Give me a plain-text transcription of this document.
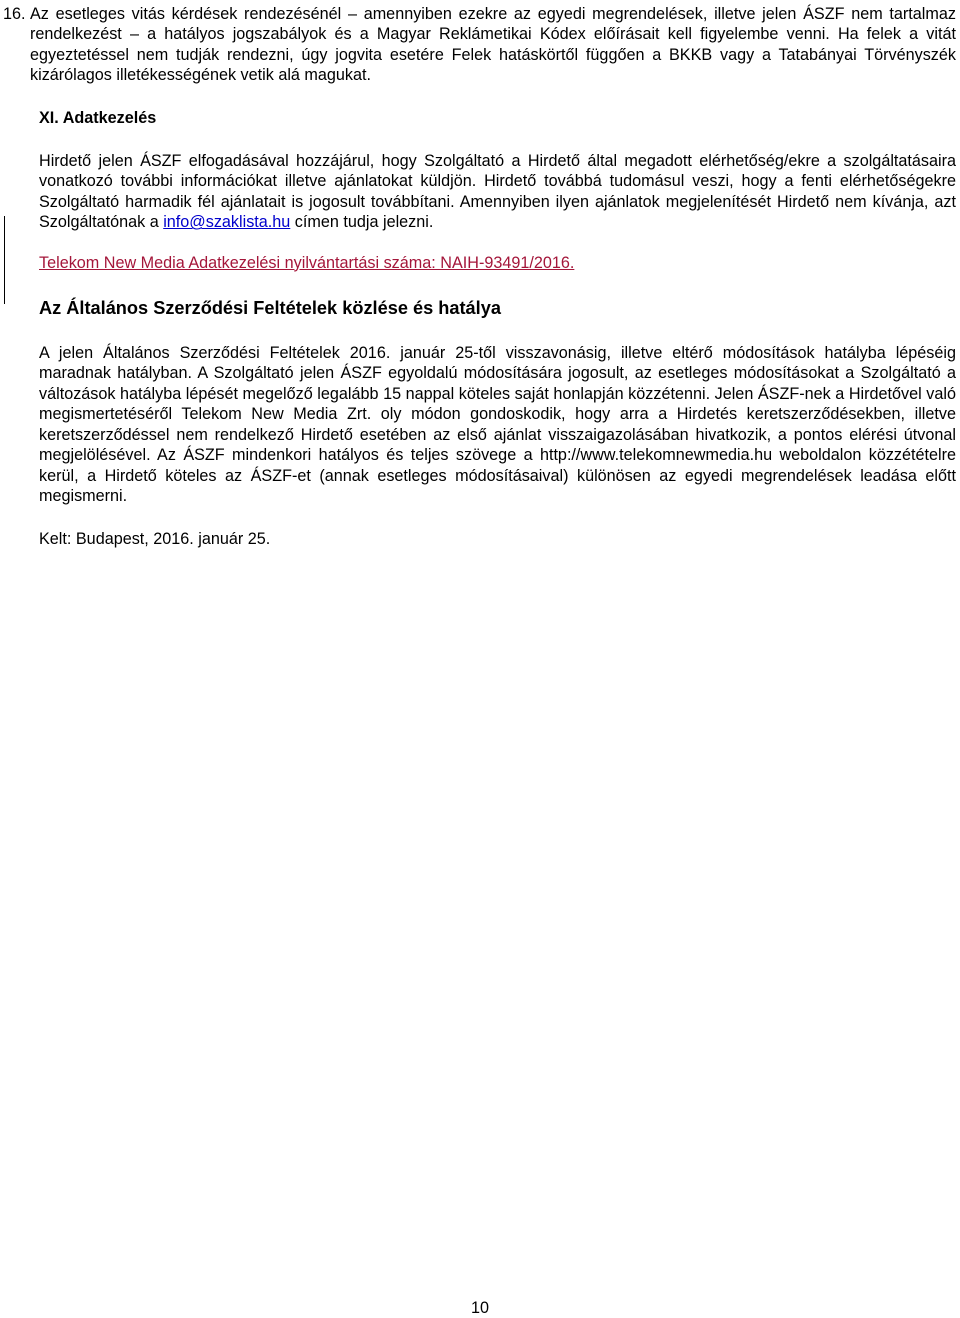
16. Az esetleges vitás kérdések rendezésénél – amennyiben ezekre az egyedi megrendelések, illetve jelen ÁSZF nem tartalmaz rendelkezést – a hatályos jogszabályok és a Magyar Reklámetikai Kódex előírásait kell figyelembe venni. Ha felek a vitát egyeztetéssel nem tudják rendezni, úgy jogvita esetére Felek hatáskörtől függően a BKKB vagy a Tatabányai Törvényszék kizárólagos illetékességének vetik alá magukat.

XI. Adatkezelés

Hirdető jelen ÁSZF elfogadásával hozzájárul, hogy Szolgáltató a Hirdető által megadott elérhetőség/ekre a szolgáltatásaira vonatkozó további információkat illetve ajánlatokat küldjön. Hirdető továbbá tudomásul veszi, hogy a fenti elérhetőségekre Szolgáltató harmadik fél ajánlatait is jogosult továbbítani. Amennyiben ilyen ajánlatok megjelenítését Hirdető nem kívánja, azt Szolgáltatónak a info@szaklista.hu címen tudja jelezni.

Telekom New Media Adatkezelési nyilvántartási száma: NAIH-93491/2016.

Az Általános Szerződési Feltételek közlése és hatálya

A jelen Általános Szerződési Feltételek 2016. január 25-től visszavonásig, illetve eltérő módosítások hatályba lépéséig maradnak hatályban. A Szolgáltató jelen ÁSZF egyoldalú módosítására jogosult, az esetleges módosításokat a Szolgáltató a változások hatályba lépését megelőző legalább 15 nappal köteles saját honlapján közzétenni. Jelen ÁSZF-nek a Hirdetővel való megismertetéséről Telekom New Media Zrt. oly módon gondoskodik, hogy arra a Hirdetés keretszerződésekben, illetve keretszerződéssel nem rendelkező Hirdető esetében az első ajánlat visszaigazolásában hivatkozik, a pontos elérési útvonal megjelölésével. Az ÁSZF mindenkori hatályos és teljes szövege a http://www.telekomnewmedia.hu weboldalon közzétételre kerül, a Hirdető köteles az ÁSZF-et (annak esetleges módosításaival) különösen az egyedi megrendelések leadása előtt megismerni.

Kelt: Budapest, 2016. január 25.

10
